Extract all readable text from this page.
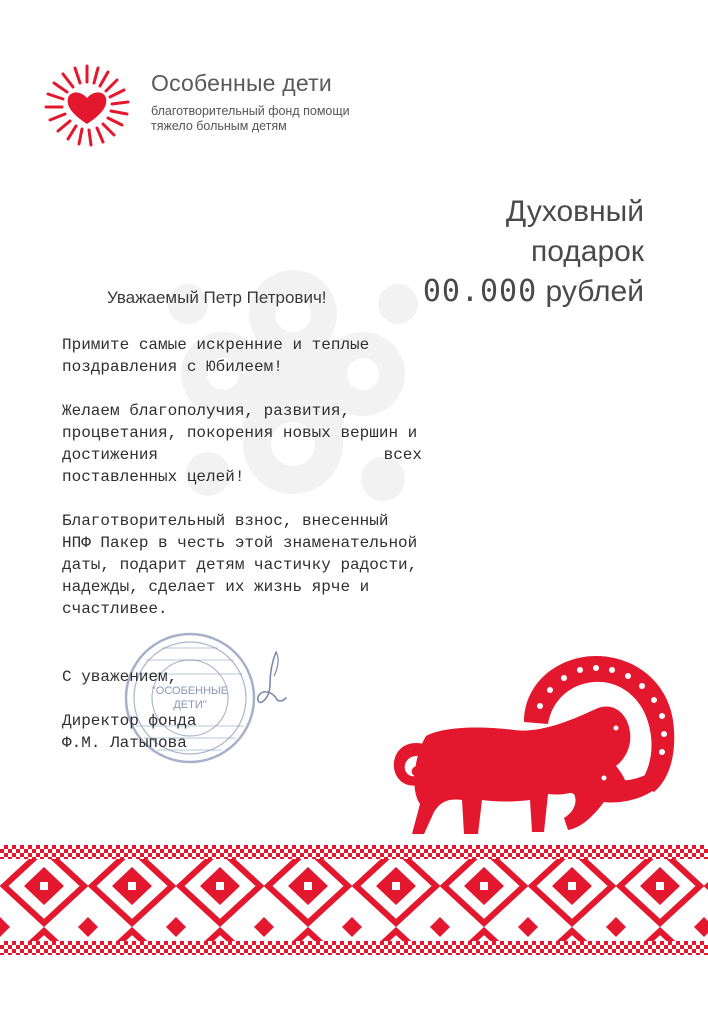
Особенные дети
благотворительный фонд помощи
тяжело больным детям
Духовный
подарок
00.000 рублей
Уважаемый Петр Петрович!

Примите самые искренние и теплые
поздравления с Юбилеем!

Желаем благополучия, развития,
процветания, покорения новых вершин и

достижения	всех
поставленных целей!

Благотворительный взнос, внесенный
НПФ Пакер в честь этой знаменательной
даты, подарит детям частичку радости,
надежды, сделает их жизнь ярче и
счастливее.

"ОСОБЕННЫЕ
ДЕТИ"
С уважением,
Директор фонда
Ф.М. Латыпова
